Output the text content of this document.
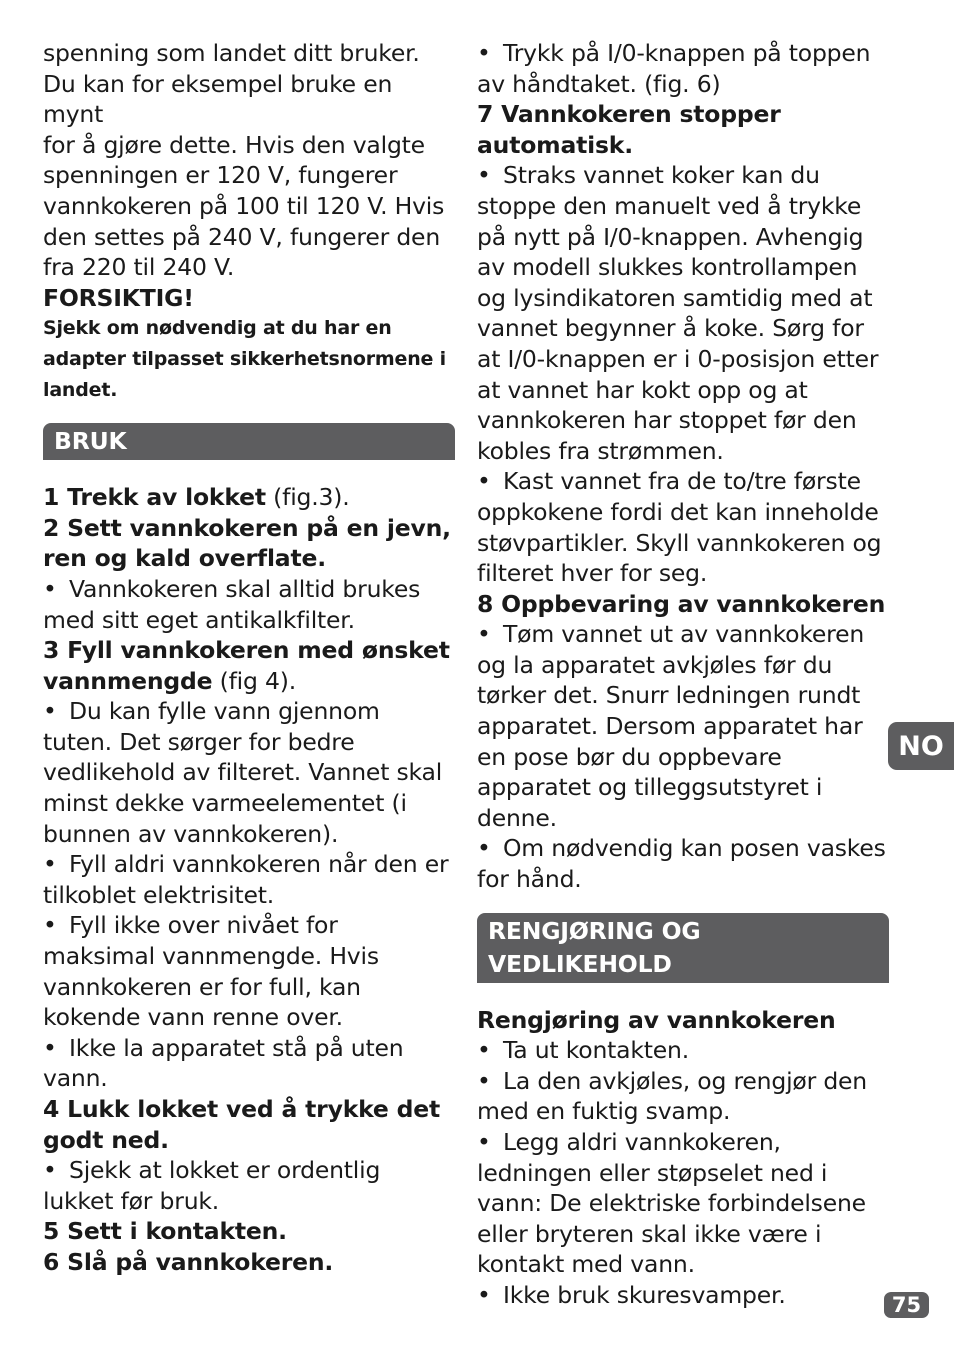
spenning som landet ditt bruker.

Du kan for eksempel bruke en mynt

for å gjøre dette. Hvis den valgte

spenningen er 120 V, fungerer

vannkokeren på 100 til 120 V. Hvis

den settes på 240 V, fungerer den

fra 220 til 240 V.

FORSIKTIG!

Sjekk om nødvendig at du har en adapter tilpasset sikkerhetsnormene i landet.

BRUK

1 Trekk av lokket (fig.3).

2 Sett vannkokeren på en jevn, ren og kald overflate.

• Vannkokeren skal alltid brukes med sitt eget antikalkfilter.

3 Fyll vannkokeren med ønsket vannmengde (fig 4).

• Du kan fylle vann gjennom tuten. Det sørger for bedre vedlikehold av filteret. Vannet skal minst dekke varmeelementet (i bunnen av vannkokeren).

• Fyll aldri vannkokeren når den er tilkoblet elektrisitet.

• Fyll ikke over nivået for maksimal vannmengde. Hvis vannkokeren er for full, kan kokende vann renne over.

• Ikke la apparatet stå på uten vann.

4 Lukk lokket ved å trykke det godt ned.

• Sjekk at lokket er ordentlig lukket før bruk.

5 Sett i kontakten.

6 Slå på vannkokeren.

• Trykk på I/0-knappen på toppen av håndtaket. (fig. 6)

7 Vannkokeren stopper automatisk.

• Straks vannet koker kan du stoppe den manuelt ved å trykke på nytt på I/0-knappen. Avhengig av modell slukkes kontrollampen og lysindikatoren samtidig med at vannet begynner å koke. Sørg for at I/0-knappen er i 0-posisjon etter at vannet har kokt opp og at vannkokeren har stoppet før den kobles fra strømmen.

• Kast vannet fra de to/tre første oppkokene fordi det kan inneholde støvpartikler. Skyll vannkokeren og filteret hver for seg.

8 Oppbevaring av vannkokeren

• Tøm vannet ut av vannkokeren og la apparatet avkjøles før du tørker det. Snurr ledningen rundt apparatet. Dersom apparatet har en pose bør du oppbevare apparatet og tilleggsutstyret i denne.

• Om nødvendig kan posen vaskes for hånd.

RENGJØRING OG
VEDLIKEHOLD

Rengjøring av vannkokeren

• Ta ut kontakten.

• La den avkjøles, og rengjør den med en fuktig svamp.

• Legg aldri vannkokeren, ledningen eller støpselet ned i vann: De elektriske forbindelsene eller bryteren skal ikke være i kontakt med vann.

• Ikke bruk skuresvamper.

NO
75
